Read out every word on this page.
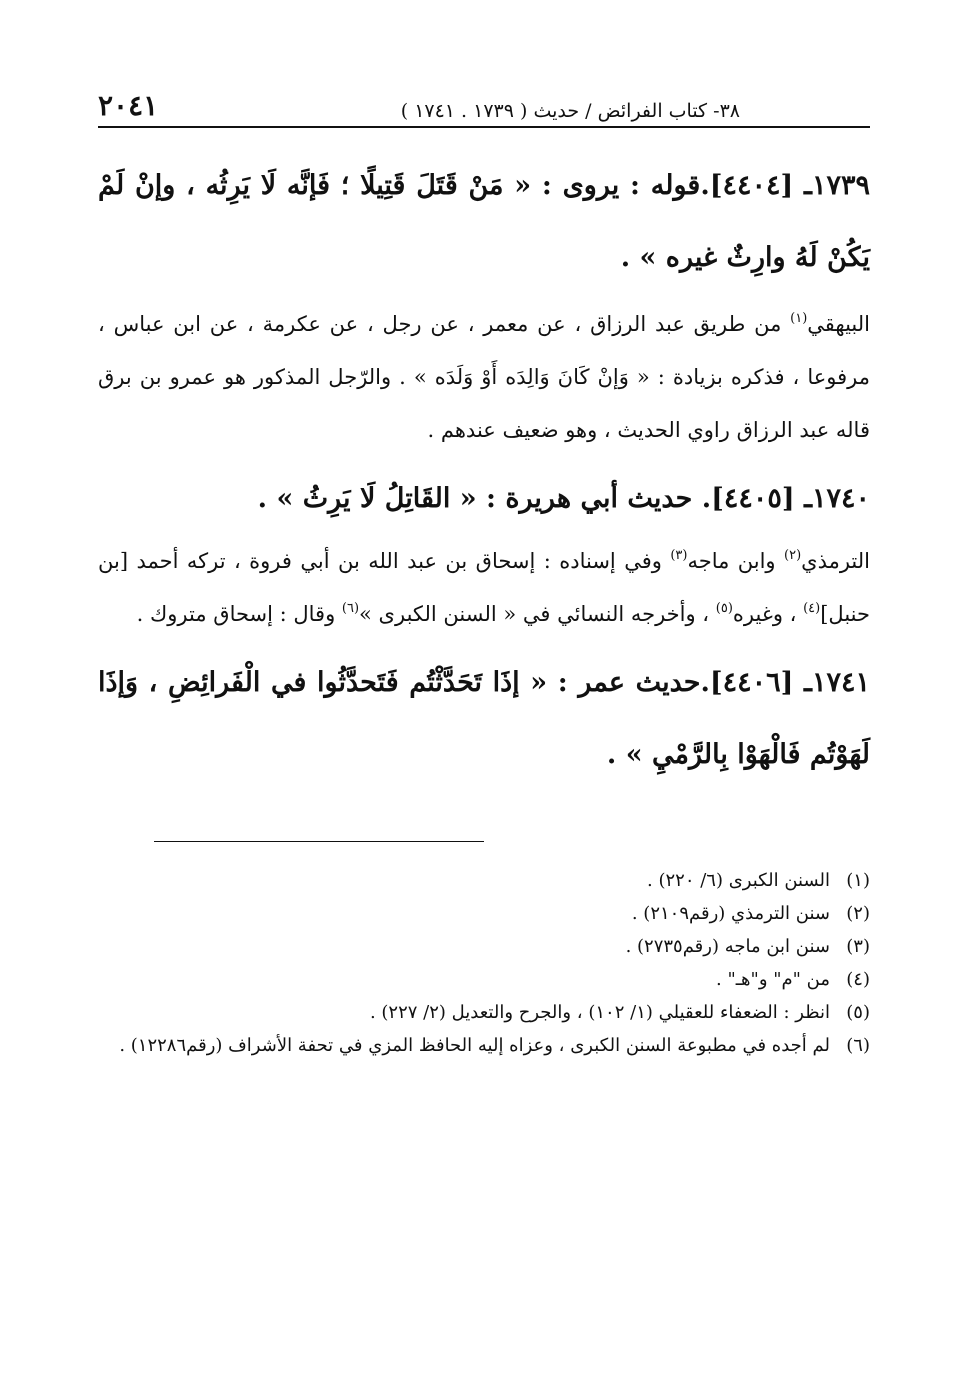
٢٠٤١	٣٨- كتاب الفرائض / حديث ( ١٧٣٩ . ١٧٤١ )

١٧٣٩ـ [٤٤٠٤].قوله : يروى : « مَنْ قَتَلَ قَتِيلًا ؛ فَإنَّه لَا يَرِثُه ، وإنْ لَمْ يَكُنْ لَهُ وارِثٌ غيره » .

البيهقي$^{(١)}$ من طريق عبد الرزاق ، عن معمر ، عن رجل ، عن عكرمة ، عن ابن عباس ، مرفوعا ، فذكره بزيادة : « وَإنْ كَانَ وَالِدَه أَوْ وَلَدَه » . والرّجل المذكور هو عمرو بن برق قاله عبد الرزاق راوي الحديث ، وهو ضعيف عندهم .

١٧٤٠ـ [٤٤٠٥]. حديث أبي هريرة : « القَاتِلُ لَا يَرِثُ » .

الترمذي$^{(٢)}$ وابن ماجه$^{(٣)}$ وفي إسناده : إسحاق بن عبد الله بن أبي فروة ، تركه أحمد [بن حنبل]$^{(٤)}$ ، وغيره$^{(٥)}$ ، وأخرجه النسائي في « السنن الكبرى »$^{(٦)}$ وقال : إسحاق متروك .

١٧٤١ـ [٤٤٠٦].حديث عمر : « إذَا تَحَدَّثْتُم فَتَحدَّثُوا في الْفَرائِضِ ، وَإذَا لَهَوْتُم فَالْهَوْا بِالرَّمْيِ » .

(١)
السنن الكبرى (٦/ ٢٢٠) .
(٢)
سنن الترمذي (رقم٢١٠٩) .
(٣)
سنن ابن ماجه (رقم٢٧٣٥) .
(٤)
من "م" و"هـ" .
(٥)
انظر : الضعفاء للعقيلي (١/ ١٠٢) ، والجرح والتعديل (٢/ ٢٢٧) .
(٦)
لم أجده في مطبوعة السنن الكبرى ، وعزاه إليه الحافظ المزي في تحفة الأشراف (رقم١٢٢٨٦) .
